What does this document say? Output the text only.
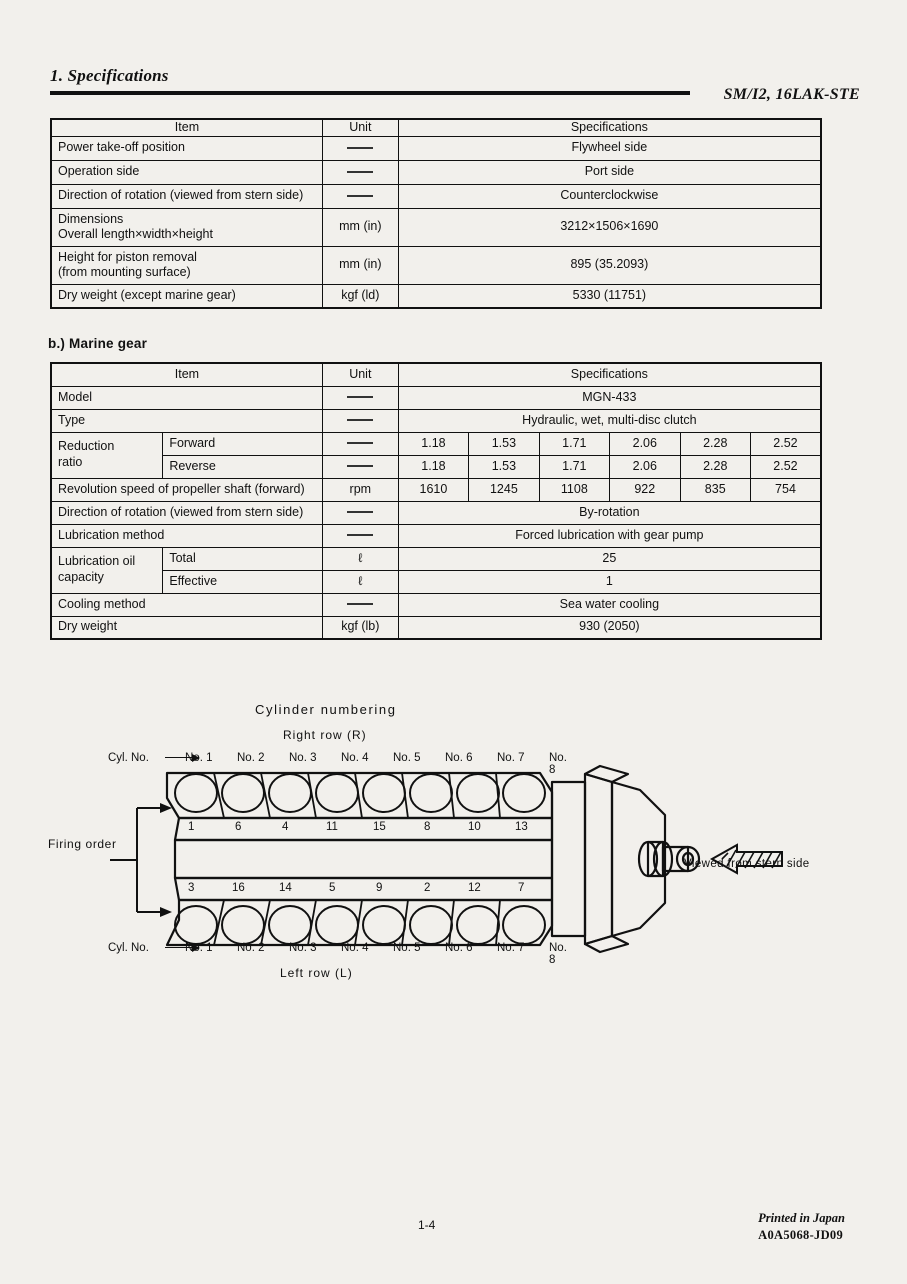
1. Specifications
SM/I2, 16LAK-STE
Item	Unit	Specifications
Power take-off position		Flywheel side
Operation side		Port side
Direction of rotation (viewed from stern side)		Counterclockwise

Dimensions
Overall length×width×height	mm (in)	3212×1506×1690

Height for piston removal
(from mounting surface)	mm (in)	895 (35.2093)
Dry weight (except marine gear)	kgf (ld)	5330 (11751)
b.) Marine gear
Item		Unit	Specifications					
Model			MGN-433					
Type			Hydraulic, wet, multi-disc clutch					

Reduction
ratio	Forward		1.18	1.53	1.71	2.06	2.28	2.52
	Reverse		1.18	1.53	1.71	2.06	2.28	2.52
Revolution speed of propeller shaft (forward)		rpm	1610	1245	1108	922	835	754
Direction of rotation (viewed from stern side)			By-rotation					
Lubrication method			Forced lubrication with gear pump					

Lubrication oil
capacity	Total	ℓ	25					
	Effective	ℓ	1					
Cooling method			Sea water cooling					
Dry weight		kgf (lb)	930 (2050)					
Cylinder numbering
Right row (R)
Left row (L)
Cyl. No.	No. 1 No. 2 No. 3 No. 4 No. 5 No. 6 No. 7 No. 8
Cyl. No.	No. 1 No. 2 No. 3 No. 4 No. 5 No. 6 No. 7 No. 8
Firing order
1	6	4	11	15	8	10	13
3	16	14	5	9	2	12	7
Viewed from stern side
1-4	Printed in Japan
A0A5068-JD09
